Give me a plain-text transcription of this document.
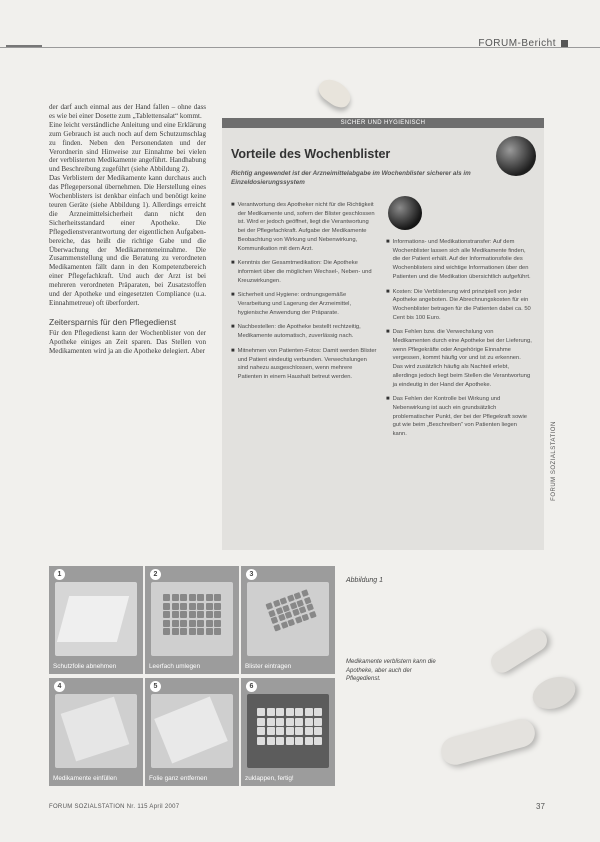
FORUM-Bericht

der darf auch einmal aus der Hand fallen – ohne dass es wie bei einer Dosette zum „Tablettensalat“ kommt.

Eine leicht verständliche Anleitung und eine Erklärung zum Gebrauch ist auch noch auf dem Schutzumschlag zu finden. Neben den Personendaten und der Verordnerin sind Hinweise zur Einnahme bei vielen der verblisterten Medikamente angeführt. Handhabung und Beschreibung zugeführt (siehe Abbildung 2).

Das Verblistern der Medikamente kann durchaus auch das Pflegepersonal übernehmen. Die Herstellung eines Wochenblisters ist denkbar einfach und benötigt keine teuren Geräte (siehe Abbildung 1). Allerdings erreicht die Arzneimittelsicherheit dann nicht den Sicherheitsstandard einer Apotheke. Die Pflegedienstverantwortung der eigentlichen Aufgabenbereiche, das heißt die richtige Gabe und die Überwachung der Medikamenteneinnahme. Die Zusammenstellung und die Beratung zu verordneten Medikamenten fällt dann in den Kompetenzbereich einer Pflegefachkraft. Und auch der Arzt ist bei mehreren verordneten Präparaten, bei Zusatzstoffen und der Apotheke und eingesetzten Compliance (u.a. Einnahmetreue) oft überfordert.

Zeitersparnis für den Pflegedienst

Für den Pflegedienst kann der Wochenblister von der Apotheke einiges an Zeit sparen. Das Stellen von Medikamenten wird ja an die Apotheke delegiert. Aber

SICHER UND HYGIENISCH
Vorteile des Wochenblister
Richtig angewendet ist der Arzneimittelabgabe im Wochenblister sicherer als im Einzeldosierungssystem
■ Verantwortung des Apotheker nicht für die Richtigkeit der Medikamente und, sofern der Blister geschlossen ist. Wird er jedoch geöffnet, liegt die Verantwortung bei der Pflegefachkraft. Aufgabe der Medikamente Beobachtung von Wirkung und Nebenwirkung, Kommunikation mit dem Arzt.
■ Kenntnis der Gesamtmedikation: Die Apotheke informiert über die möglichen Wechsel-, Neben- und Kreuzwirkungen.
■ Sicherheit und Hygiene: ordnungsgemäße Verarbeitung und Lagerung der Arzneimittel, hygienische Anwendung der Präparate.
■ Nachbestellen: die Apotheke bestellt rechtzeitig, Medikamente automatisch, zuverlässig nach.
■ Mitnehmen von Patienten-Fotos: Damit werden Blister und Patient eindeutig verbunden. Verwechslungen sind nahezu ausgeschlossen, wenn mehrere Patienten in einem Haushalt betreut werden.
■ Informations- und Medikationstransfer: Auf dem Wochenblister lassen sich alle Medikamente finden, die der Patient erhält. Auf der Informationsfolie des Wochenblisters sind wichtige Informationen über den Patienten und die Medikation übersichtlich aufgeführt.
■ Kosten: Die Verblisterung wird prinzipiell von jeder Apotheke angeboten. Die Abrechnungskosten für ein Wochenblister betragen für die Patienten dabei ca. 50 Cent bis 100 Euro.
■ Das Fehlen bzw. die Verwechslung von Medikamenten durch eine Apotheke bei der Lieferung, wenn Pflegekräfte oder Angehörige Einnahme vergessen, kommt häufig vor und ist zu erkennen. Das wird zusätzlich häufig als Nachteil erlebt, allerdings jedoch liegt beim Stellen die Verantwortung ja eindeutig in der Hand der Apotheke.
■ Das Fehlen der Kontrolle bei Wirkung und Nebenwirkung ist auch ein grundsätzlich problematischer Punkt, der bei der Pflegekraft sowie gut wie beim „Beschreiben“ von Patienten liegen kann.	FORUM SOZIALSTATION
1
Schutzfolie abnehmen
2
Leerfach umlegen
3
Blister eintragen
4
Medikamente einfüllen
5
Folie ganz entfernen
6
zuklappen, fertig!
Abbildung 1
Medikamente verblistern kann die Apotheke, aber auch der Pflegedienst.
FORUM SOZIALSTATION Nr. 115 April 2007	37
